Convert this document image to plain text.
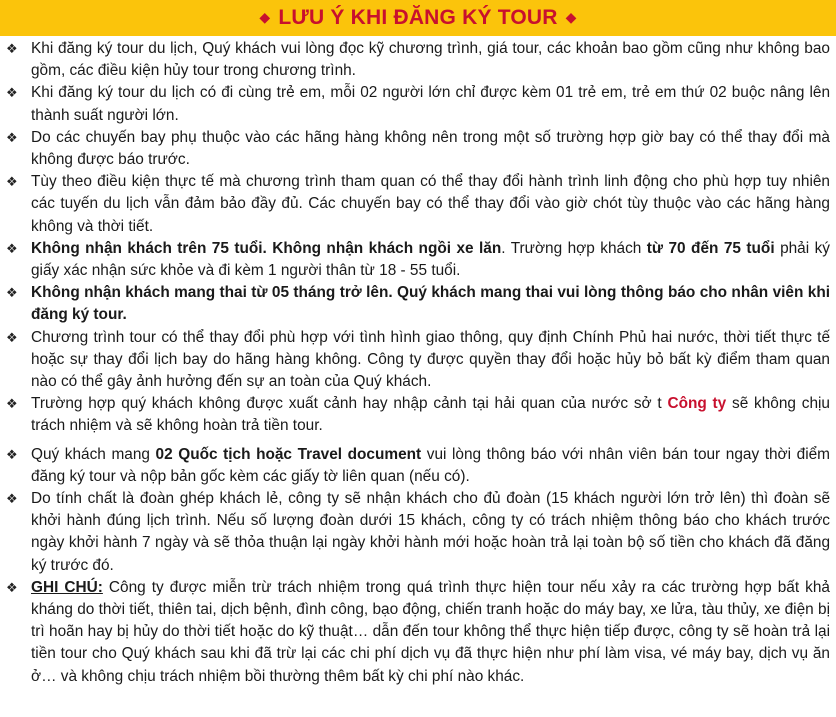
◆ LƯU Ý KHI ĐĂNG KÝ TOUR ◆
❖ Khi đăng ký tour du lịch, Quý khách vui lòng đọc kỹ chương trình, giá tour, các khoản bao gồm cũng như không bao gồm, các điều kiện hủy tour trong chương trình.
❖ Khi đăng ký tour du lịch có đi cùng trẻ em, mỗi 02 người lớn chỉ được kèm 01 trẻ em, trẻ em thứ 02 buộc nâng lên thành suất người lớn.
❖ Do các chuyến bay phụ thuộc vào các hãng hàng không nên trong một số trường hợp giờ bay có thể thay đổi mà không được báo trước.
❖ Tùy theo điều kiện thực tế mà chương trình tham quan có thể thay đổi hành trình linh động cho phù hợp tuy nhiên các tuyến du lịch vẫn đảm bảo đầy đủ. Các chuyến bay có thể thay đổi vào giờ chót tùy thuộc vào các hãng hàng không và thời tiết.
❖ Không nhận khách trên 75 tuổi. Không nhận khách ngồi xe lăn. Trường hợp khách từ 70 đến 75 tuổi phải ký giấy xác nhận sức khỏe và đi kèm 1 người thân từ 18 - 55 tuổi.
❖ Không nhận khách mang thai từ 05 tháng trở lên. Quý khách mang thai vui lòng thông báo cho nhân viên khi đăng ký tour.
❖ Chương trình tour có thể thay đổi phù hợp với tình hình giao thông, quy định Chính Phủ hai nước, thời tiết thực tế hoặc sự thay đổi lịch bay do hãng hàng không. Công ty được quyền thay đổi hoặc hủy bỏ bất kỳ điểm tham quan nào có thể gây ảnh hưởng đến sự an toàn của Quý khách.
❖ Trường hợp quý khách không được xuất cảnh hay nhập cảnh tại hải quan của nước sở t Công ty sẽ không chịu trách nhiệm và sẽ không hoàn trả tiền tour.
❖ Quý khách mang 02 Quốc tịch hoặc Travel document vui lòng thông báo với nhân viên bán tour ngay thời điểm đăng ký tour và nộp bản gốc kèm các giấy tờ liên quan (nếu có).
❖ Do tính chất là đoàn ghép khách lẻ, công ty sẽ nhận khách cho đủ đoàn (15 khách người lớn trở lên) thì đoàn sẽ khởi hành đúng lịch trình. Nếu số lượng đoàn dưới 15 khách, công ty có trách nhiệm thông báo cho khách trước ngày khởi hành 7 ngày và sẽ thỏa thuận lại ngày khởi hành mới hoặc hoàn trả lại toàn bộ số tiền cho khách đã đăng ký trước đó.
❖ GHI CHÚ: Công ty được miễn trừ trách nhiệm trong quá trình thực hiện tour nếu xảy ra các trường hợp bất khả kháng do thời tiết, thiên tai, dịch bệnh, đình công, bạo động, chiến tranh hoặc do máy bay, xe lửa, tàu thủy, xe điện bị trì hoãn hay bị hủy do thời tiết hoặc do kỹ thuật… dẫn đến tour không thể thực hiện tiếp được, công ty sẽ hoàn trả lại tiền tour cho Quý khách sau khi đã trừ lại các chi phí dịch vụ đã thực hiện như phí làm visa, vé máy bay, dịch vụ ăn ở… và không chịu trách nhiệm bồi thường thêm bất kỳ chi phí nào khác.
